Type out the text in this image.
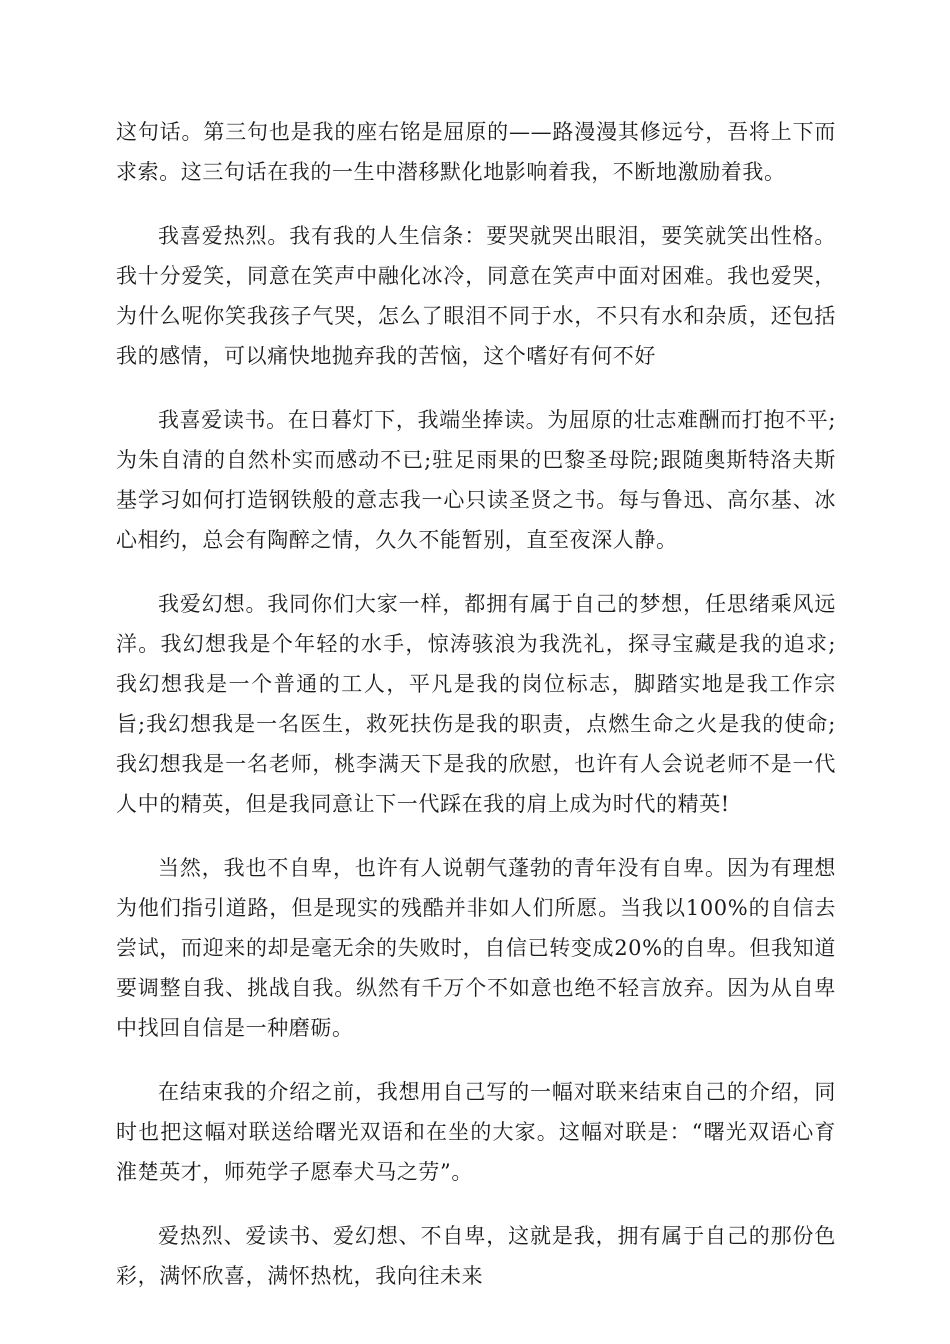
这句话。第三句也是我的座右铭是屈原的——路漫漫其修远兮，吾将上下而求索。这三句话在我的一生中潜移默化地影响着我，不断地激励着我。

我喜爱热烈。我有我的人生信条：要哭就哭出眼泪，要笑就笑出性格。我十分爱笑，同意在笑声中融化冰冷，同意在笑声中面对困难。我也爱哭，为什么呢你笑我孩子气哭，怎么了眼泪不同于水，不只有水和杂质，还包括我的感情，可以痛快地抛弃我的苦恼，这个嗜好有何不好

我喜爱读书。在日暮灯下，我端坐捧读。为屈原的壮志难酬而打抱不平;为朱自清的自然朴实而感动不已;驻足雨果的巴黎圣母院;跟随奥斯特洛夫斯基学习如何打造钢铁般的意志我一心只读圣贤之书。每与鲁迅、高尔基、冰心相约，总会有陶醉之情，久久不能暂别，直至夜深人静。

我爱幻想。我同你们大家一样，都拥有属于自己的梦想，任思绪乘风远洋。我幻想我是个年轻的水手，惊涛骇浪为我洗礼，探寻宝藏是我的追求;我幻想我是一个普通的工人，平凡是我的岗位标志，脚踏实地是我工作宗旨;我幻想我是一名医生，救死扶伤是我的职责，点燃生命之火是我的使命;我幻想我是一名老师，桃李满天下是我的欣慰，也许有人会说老师不是一代人中的精英，但是我同意让下一代踩在我的肩上成为时代的精英!

当然，我也不自卑，也许有人说朝气蓬勃的青年没有自卑。因为有理想为他们指引道路，但是现实的残酷并非如人们所愿。当我以100%的自信去尝试，而迎来的却是毫无余的失败时，自信已转变成20%的自卑。但我知道要调整自我、挑战自我。纵然有千万个不如意也绝不轻言放弃。因为从自卑中找回自信是一种磨砺。

在结束我的介绍之前，我想用自己写的一幅对联来结束自己的介绍，同时也把这幅对联送给曙光双语和在坐的大家。这幅对联是：“曙光双语心育淮楚英才，师苑学子愿奉犬马之劳”。

爱热烈、爱读书、爱幻想、不自卑，这就是我，拥有属于自己的那份色彩，满怀欣喜，满怀热枕，我向往未来
